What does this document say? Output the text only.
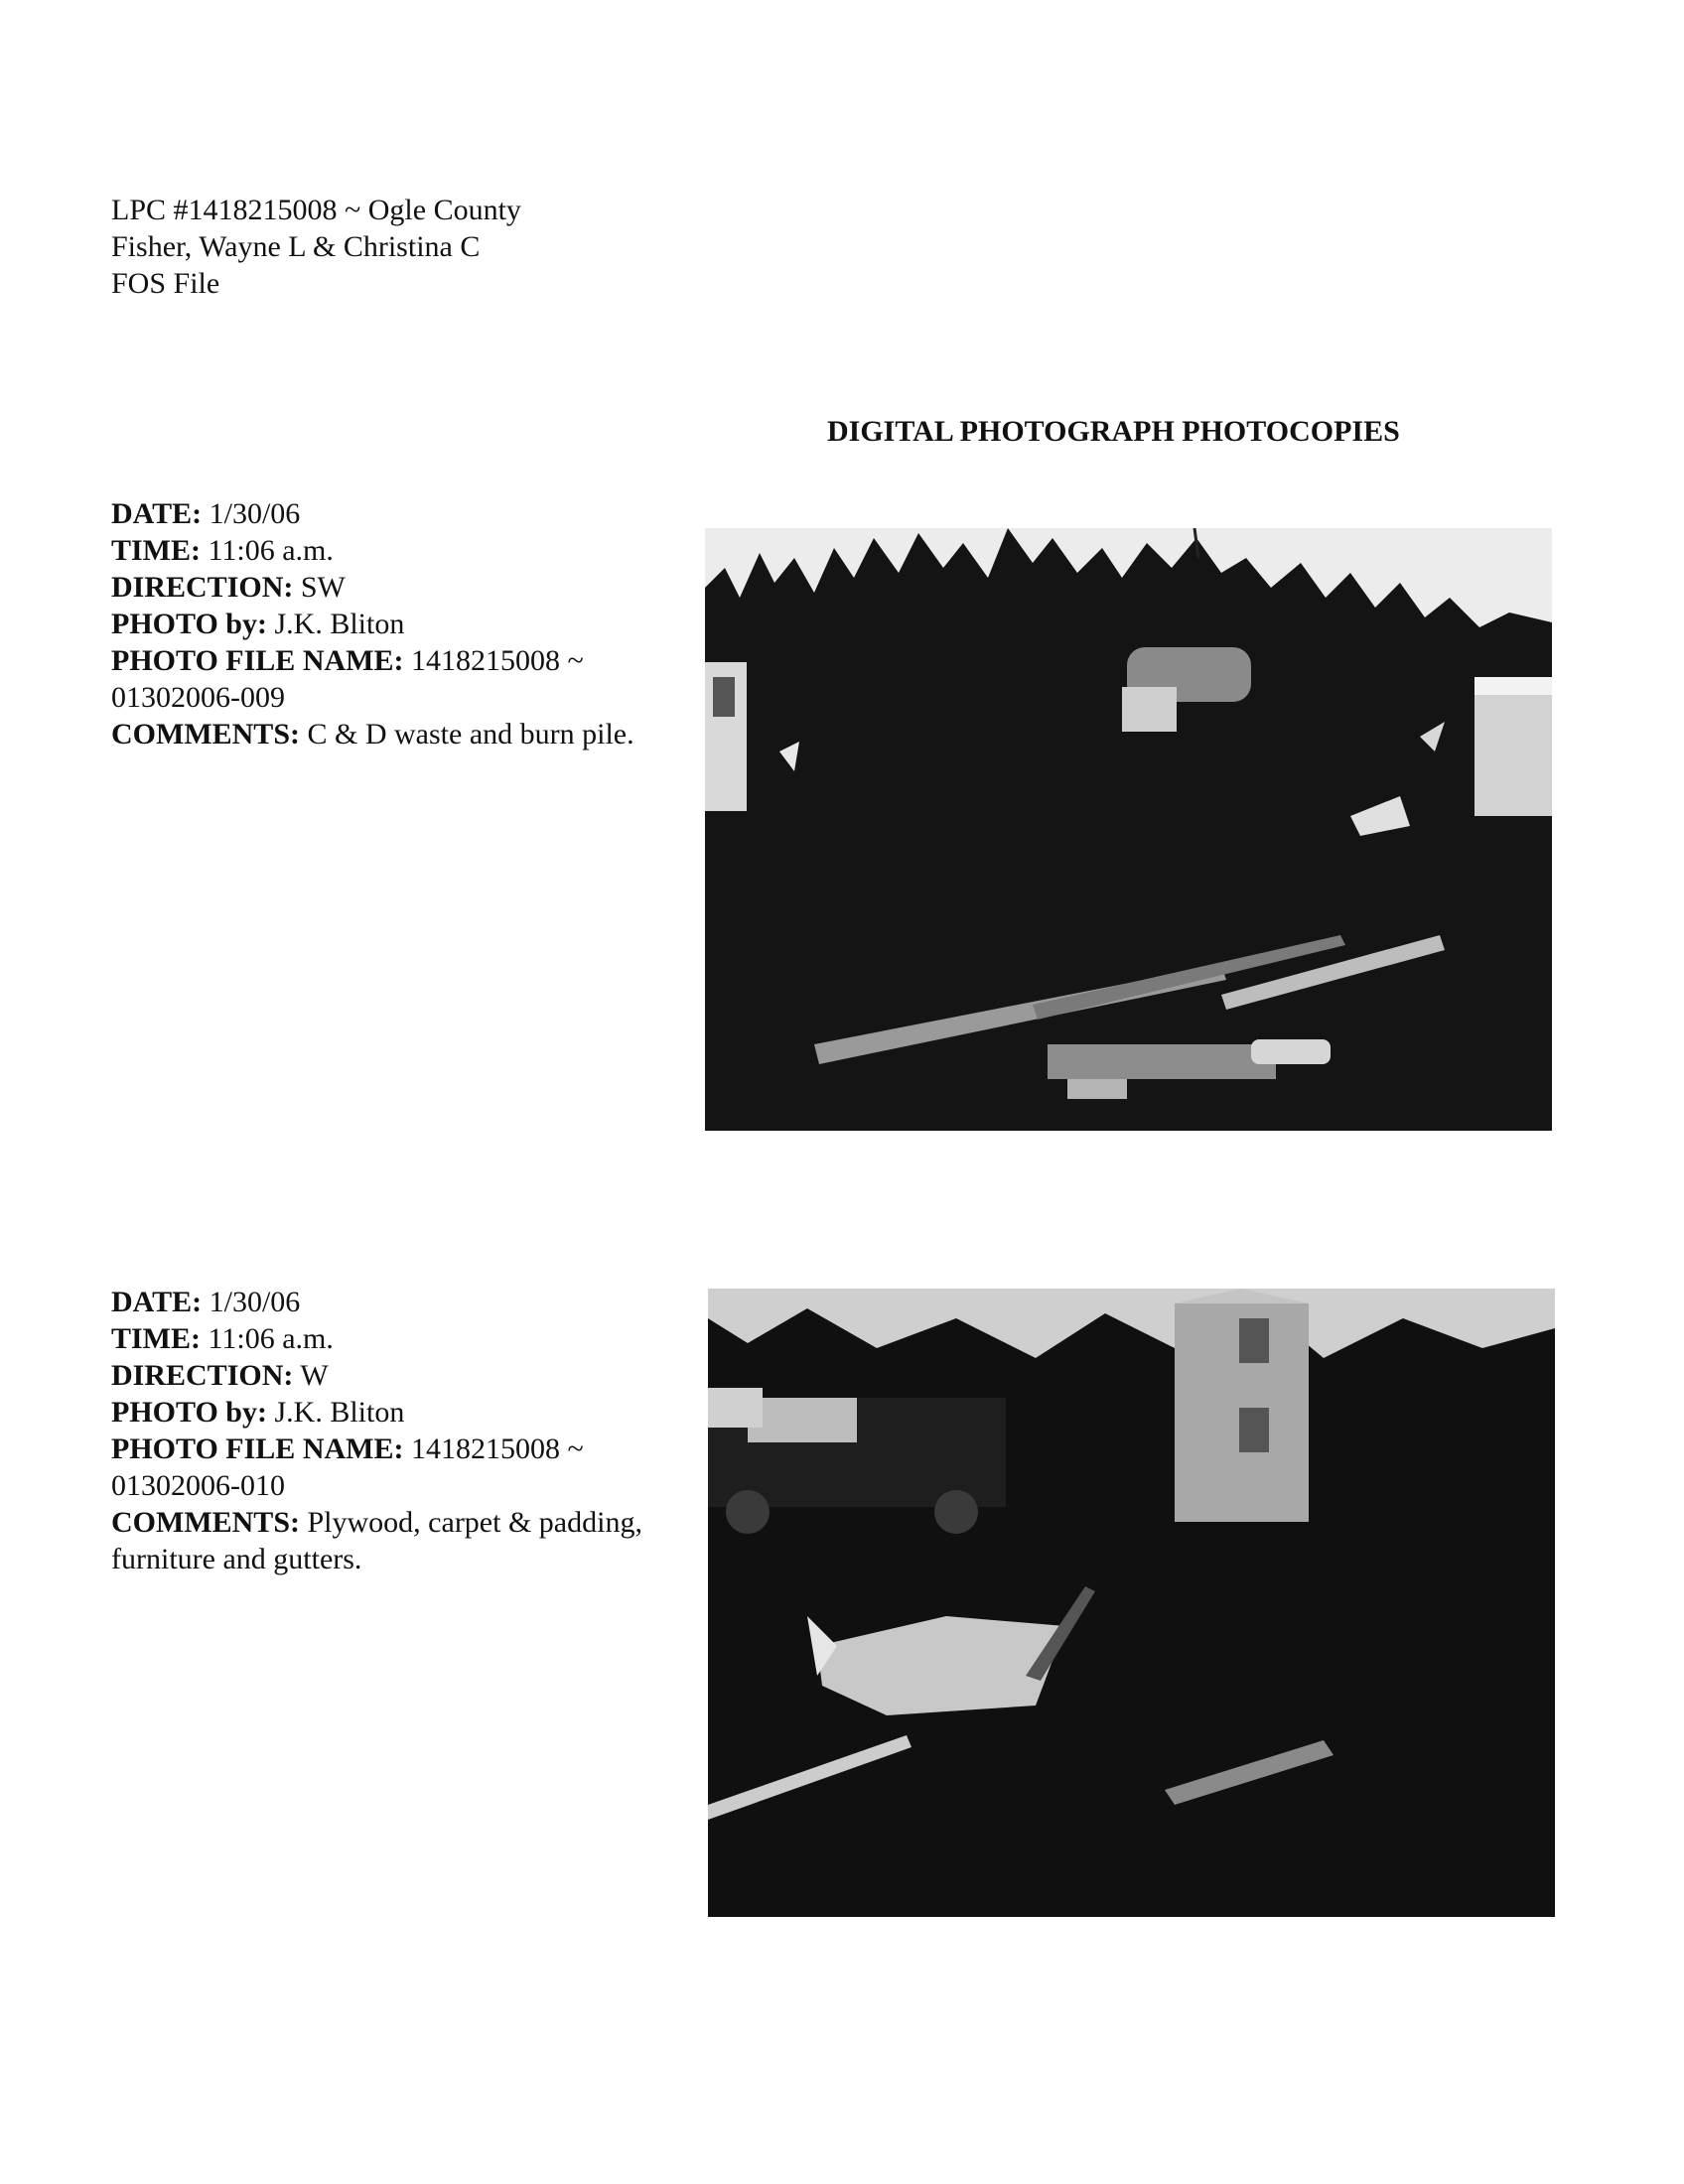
LPC #1418215008 ~ Ogle County
Fisher, Wayne L & Christina C
FOS File
DIGITAL PHOTOGRAPH PHOTOCOPIES
DATE: 1/30/06
TIME: 11:06 a.m.
DIRECTION: SW
PHOTO by: J.K. Bliton
PHOTO FILE NAME: 1418215008 ~ 01302006-009
COMMENTS: C & D waste and burn pile.
DATE: 1/30/06
TIME: 11:06 a.m.
DIRECTION: W
PHOTO by: J.K. Bliton
PHOTO FILE NAME: 1418215008 ~ 01302006-010
COMMENTS: Plywood, carpet & padding, furniture and gutters.
